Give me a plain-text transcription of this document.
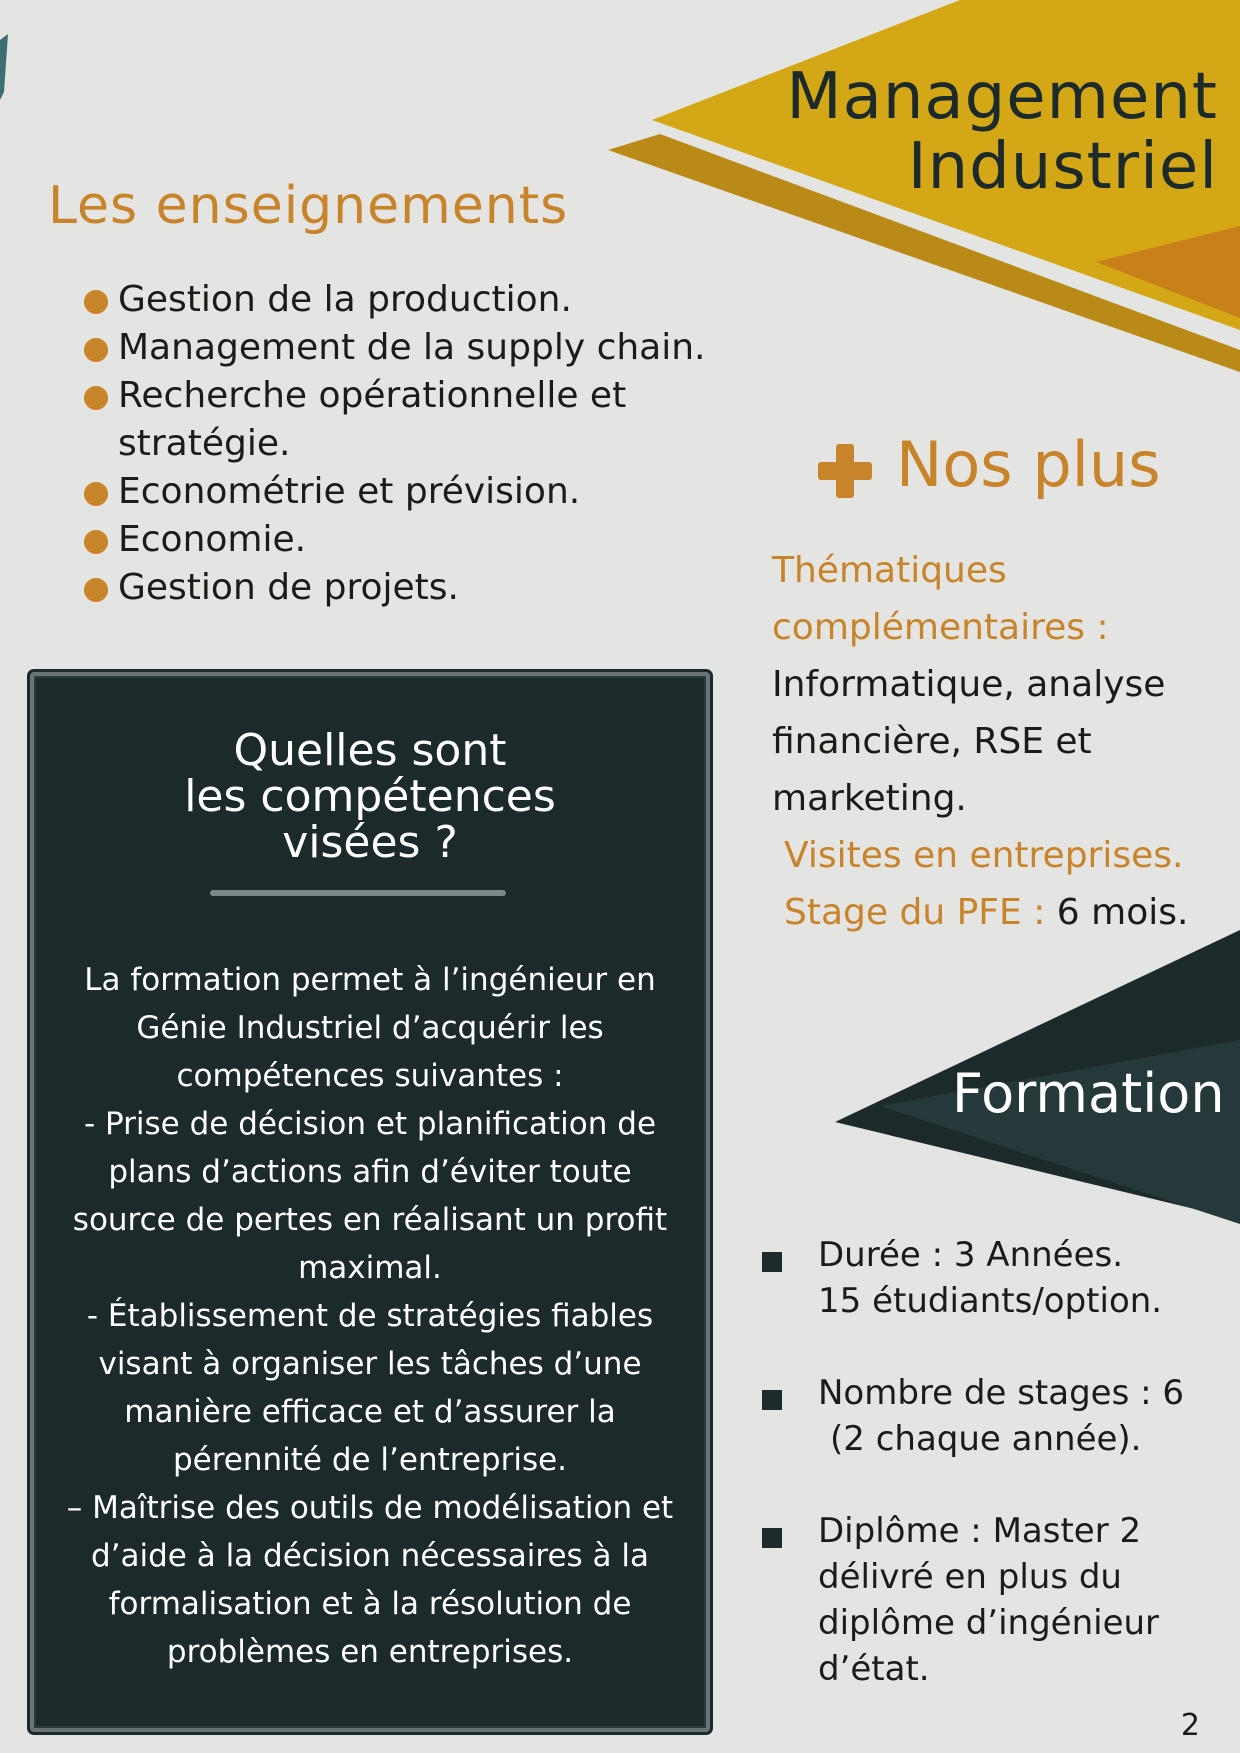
Management
Industriel
Les enseignements
Gestion de la production.
Management de la supply chain.
Recherche opérationnelle et stratégie.
Econométrie et prévision.
Economie.
Gestion de projets.
Quelles sont
les compétences
visées ?

La formation permet à l’ingénieur en Génie Industriel d’acquérir les compétences suivantes :

- Prise de décision et planification de plans d’actions afin d’éviter toute source de pertes en réalisant un profit maximal.

- Établissement de stratégies fiables visant à organiser les tâches d’une manière efficace et d’assurer la pérennité de l’entreprise.

– Maîtrise des outils de modélisation et d’aide à la décision nécessaires à la formalisation et à la résolution de problèmes en entreprises.

Nos plus
Thématiques
complémentaires :
Informatique, analyse
financière, RSE et
marketing.
Visites en entreprises.
Stage du PFE : 6 mois.
Formation
Durée : 3 Années.
15 étudiants/option.
Nombre de stages : 6
(2 chaque année).
Diplôme : Master 2
délivré en plus du
diplôme d’ingénieur
d’état.
2
